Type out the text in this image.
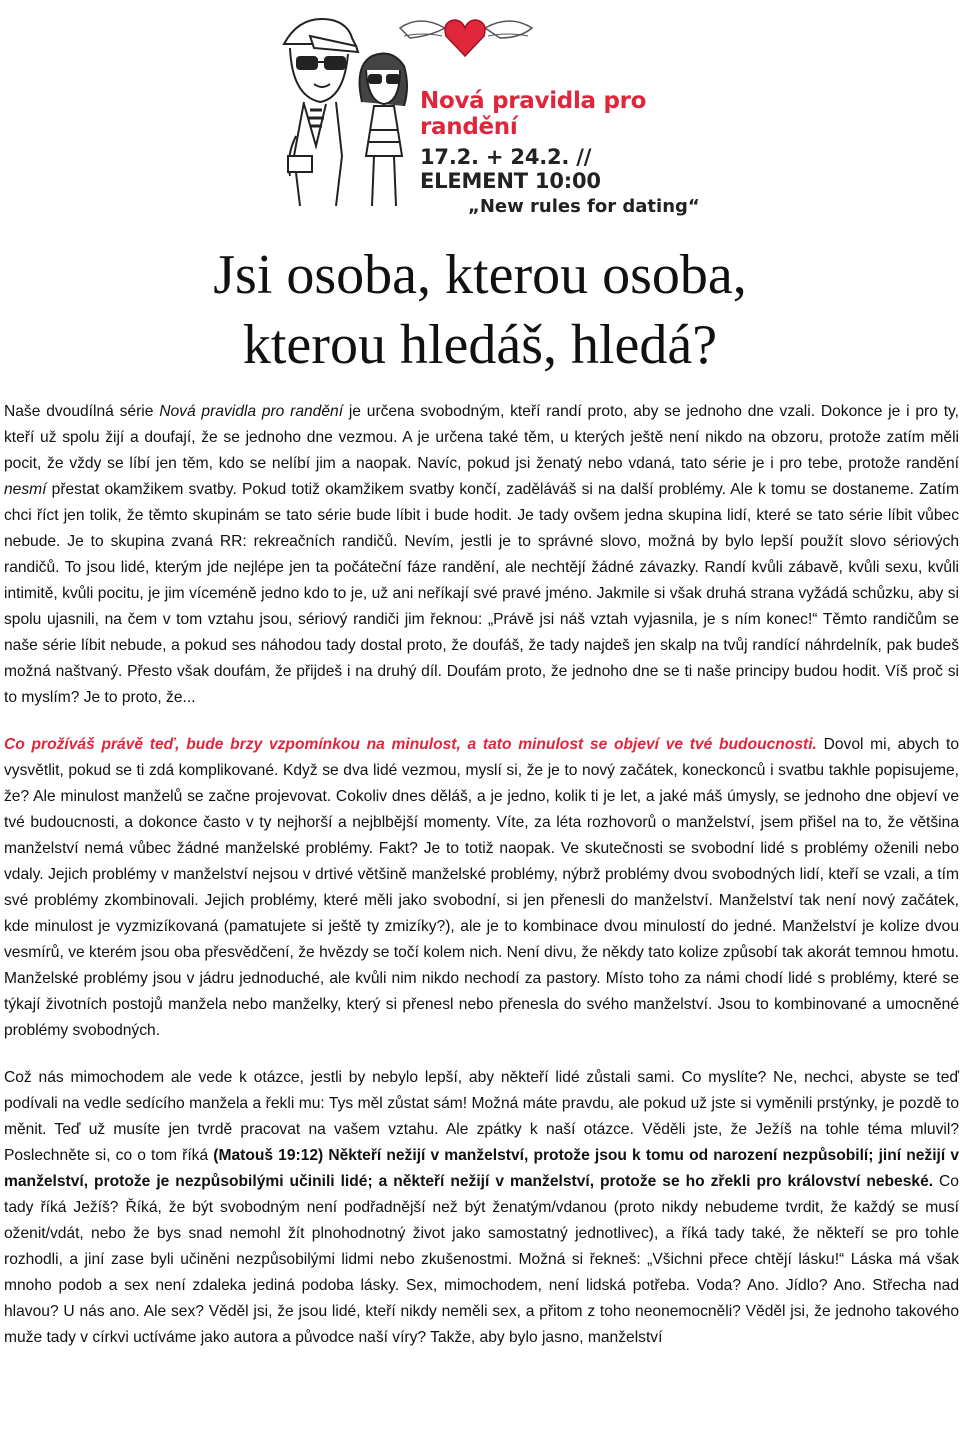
Nová pravidla pro randění
17.2. + 24.2. // ELEMENT 10:00
„New rules for dating“
Jsi osoba, kterou osoba,
kterou hledáš, hledá?

Naše dvoudílná série Nová pravidla pro randění je určena svobodným, kteří randí proto, aby se jednoho dne vzali. Dokonce je i pro ty, kteří už spolu žijí a doufají, že se jednoho dne vezmou. A je určena také těm, u kterých ještě není nikdo na obzoru, protože zatím měli pocit, že vždy se líbí jen těm, kdo se nelíbí jim a naopak. Navíc, pokud jsi ženatý nebo vdaná, tato série je i pro tebe, protože randění nesmí přestat okamžikem svatby. Pokud totiž okamžikem svatby končí, zaděláváš si na další problémy. Ale k tomu se dostaneme. Zatím chci říct jen tolik, že těmto skupinám se tato série bude líbit i bude hodit. Je tady ovšem jedna skupina lidí, které se tato série líbit vůbec nebude. Je to skupina zvaná RR: rekreačních randičů. Nevím, jestli je to správné slovo, možná by bylo lepší použít slovo sériových randičů. To jsou lidé, kterým jde nejlépe jen ta počáteční fáze randění, ale nechtějí žádné závazky. Randí kvůli zábavě, kvůli sexu, kvůli intimitě, kvůli pocitu, je jim víceméně jedno kdo to je, už ani neříkají své pravé jméno. Jakmile si však druhá strana vyžádá schůzku, aby si spolu ujasnili, na čem v tom vztahu jsou, sériový randiči jim řeknou: „Právě jsi náš vztah vyjasnila, je s ním konec!“ Těmto randičům se naše série líbit nebude, a pokud ses náhodou tady dostal proto, že doufáš, že tady najdeš jen skalp na tvůj randící náhrdelník, pak budeš možná naštvaný. Přesto však doufám, že přijdeš i na druhý díl. Doufám proto, že jednoho dne se ti naše principy budou hodit. Víš proč si to myslím? Je to proto, že...

Co prožíváš právě teď, bude brzy vzpomínkou na minulost, a tato minulost se objeví ve tvé budoucnosti. Dovol mi, abych to vysvětlit, pokud se ti zdá komplikované. Když se dva lidé vezmou, myslí si, že je to nový začátek, koneckonců i svatbu takhle popisujeme, že? Ale minulost manželů se začne projevovat. Cokoliv dnes děláš, a je jedno, kolik ti je let, a jaké máš úmysly, se jednoho dne objeví ve tvé budoucnosti, a dokonce často v ty nejhorší a nejblbější momenty. Víte, za léta rozhovorů o manželství, jsem přišel na to, že většina manželství nemá vůbec žádné manželské problémy. Fakt? Je to totiž naopak. Ve skutečnosti se svobodní lidé s problémy oženili nebo vdaly. Jejich problémy v manželství nejsou v drtivé většině manželské problémy, nýbrž problémy dvou svobodných lidí, kteří se vzali, a tím své problémy zkombinovali. Jejich problémy, které měli jako svobodní, si jen přenesli do manželství. Manželství tak není nový začátek, kde minulost je vyzmizíkovaná (pamatujete si ještě ty zmizíky?), ale je to kombinace dvou minulostí do jedné. Manželství je kolize dvou vesmírů, ve kterém jsou oba přesvědčení, že hvězdy se točí kolem nich. Není divu, že někdy tato kolize způsobí tak akorát temnou hmotu. Manželské problémy jsou v jádru jednoduché, ale kvůli nim nikdo nechodí za pastory. Místo toho za námi chodí lidé s problémy, které se týkají životních postojů manžela nebo manželky, který si přenesl nebo přenesla do svého manželství. Jsou to kombinované a umocněné problémy svobodných.

Což nás mimochodem ale vede k otázce, jestli by nebylo lepší, aby někteří lidé zůstali sami. Co myslíte? Ne, nechci, abyste se teď podívali na vedle sedícího manžela a řekli mu: Tys měl zůstat sám! Možná máte pravdu, ale pokud už jste si vyměnili prstýnky, je pozdě to měnit. Teď už musíte jen tvrdě pracovat na vašem vztahu. Ale zpátky k naší otázce. Věděli jste, že Ježíš na tohle téma mluvil? Poslechněte si, co o tom říká (Matouš 19:12) Někteří nežijí v manželství, protože jsou k tomu od narození nezpůsobilí; jiní nežijí v manželství, protože je nezpůsobilými učinili lidé; a někteří nežijí v manželství, protože se ho zřekli pro království nebeské. Co tady říká Ježíš? Říká, že být svobodným není podřadnější než být ženatým/vdanou (proto nikdy nebudeme tvrdit, že každý se musí oženit/vdát, nebo že bys snad nemohl žít plnohodnotný život jako samostatný jednotlivec), a říká tady také, že někteří se pro tohle rozhodli, a jiní zase byli učiněni nezpůsobilými lidmi nebo zkušenostmi. Možná si řekneš: „Všichni přece chtějí lásku!“ Láska má však mnoho podob a sex není zdaleka jediná podoba lásky. Sex, mimochodem, není lidská potřeba. Voda? Ano. Jídlo? Ano. Střecha nad hlavou? U nás ano. Ale sex? Věděl jsi, že jsou lidé, kteří nikdy neměli sex, a přitom z toho neonemocněli? Věděl jsi, že jednoho takového muže tady v církvi uctíváme jako autora a původce naší víry? Takže, aby bylo jasno, manželství
